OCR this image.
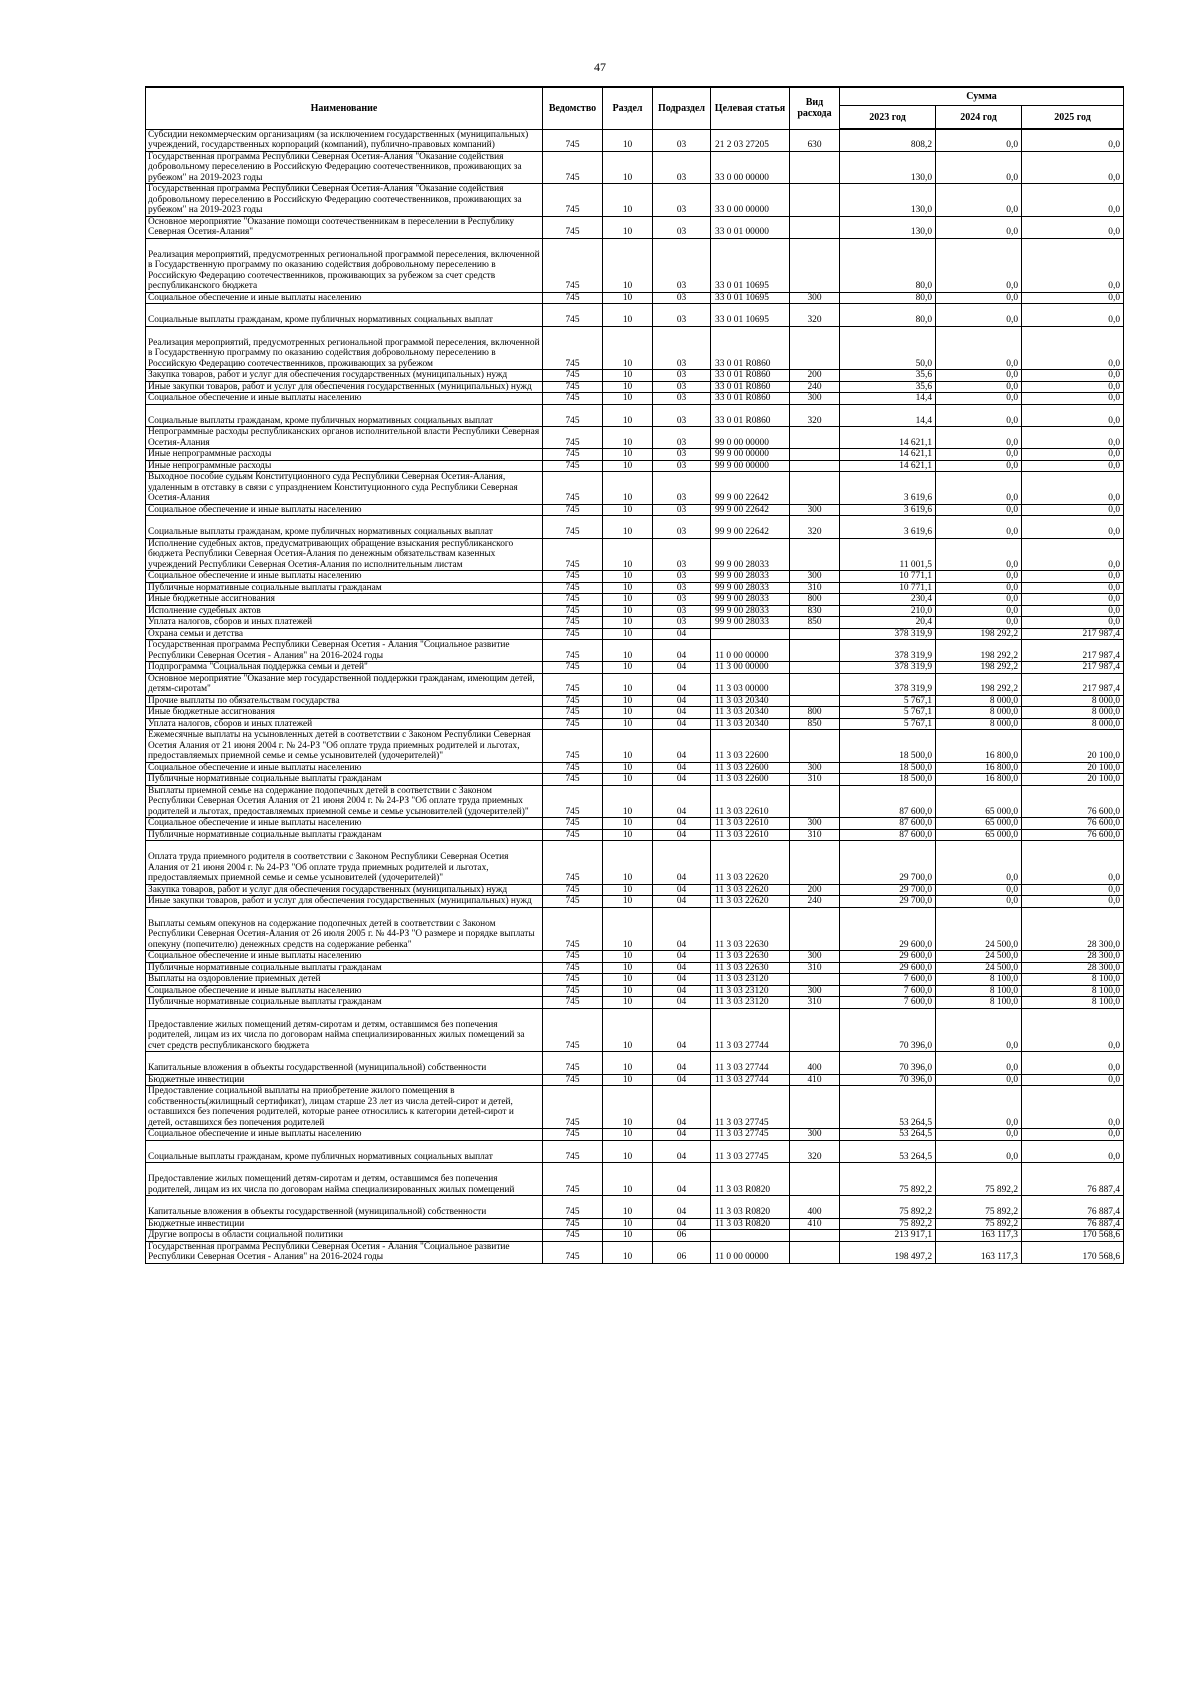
47
Наименование	Ведомство	Раздел	Подраздел	Целевая статья	Вид расхода	Сумма		
						2023 год	2024 год	2025 год
Субсидии некоммерческим организациям (за исключением государственных (муниципальных) учреждений, государственных корпораций (компаний), публично-правовых компаний)	745	10	03	21 2 03 27205	630	808,2	0,0	0,0
Государственная программа Республики Северная Осетия-Алания "Оказание содействия добровольному переселению в Российскую Федерацию соотечественников, проживающих за рубежом" на 2019-2023 годы	745	10	03	33 0 00 00000		130,0	0,0	0,0
Государственная программа Республики Северная Осетия-Алания "Оказание содействия добровольному переселению в Российскую Федерацию соотечественников, проживающих за рубежом" на 2019-2023 годы	745	10	03	33 0 00 00000		130,0	0,0	0,0
Основное мероприятие "Оказание помощи соотечественникам в переселении в Республику Северная Осетия-Алания"	745	10	03	33 0 01 00000		130,0	0,0	0,0
Реализация мероприятий, предусмотренных региональной программой переселения, включенной в Государственную программу по оказанию содействия добровольному переселению в Российскую Федерацию соотечественников, проживающих за рубежом за счет средств республиканского бюджета	745	10	03	33 0 01 10695		80,0	0,0	0,0
Социальное обеспечение и иные выплаты населению	745	10	03	33 0 01 10695	300	80,0	0,0	0,0
Социальные выплаты гражданам, кроме публичных нормативных социальных выплат	745	10	03	33 0 01 10695	320	80,0	0,0	0,0
Реализация мероприятий, предусмотренных региональной программой переселения, включенной в Государственную программу по оказанию содействия добровольному переселению в Российскую Федерацию соотечественников, проживающих за рубежом	745	10	03	33 0 01 R0860		50,0	0,0	0,0
Закупка товаров, работ и услуг для обеспечения государственных (муниципальных) нужд	745	10	03	33 0 01 R0860	200	35,6	0,0	0,0
Иные закупки товаров, работ и услуг для обеспечения государственных (муниципальных) нужд	745	10	03	33 0 01 R0860	240	35,6	0,0	0,0
Социальное обеспечение и иные выплаты населению	745	10	03	33 0 01 R0860	300	14,4	0,0	0,0
Социальные выплаты гражданам, кроме публичных нормативных социальных выплат	745	10	03	33 0 01 R0860	320	14,4	0,0	0,0
Непрограммные расходы республиканских органов исполнительной власти Республики Северная Осетия-Алания	745	10	03	99 0 00 00000		14 621,1	0,0	0,0
Иные непрограммные расходы	745	10	03	99 9 00 00000		14 621,1	0,0	0,0
Иные непрограммные расходы	745	10	03	99 9 00 00000		14 621,1	0,0	0,0
Выходное пособие судьям Конституционного суда Республики Северная Осетия-Алания, удаленным в отставку в связи с упразднением Конституционного суда Республики Северная Осетия-Алания	745	10	03	99 9 00 22642		3 619,6	0,0	0,0
Социальное обеспечение и иные выплаты населению	745	10	03	99 9 00 22642	300	3 619,6	0,0	0,0
Социальные выплаты гражданам, кроме публичных нормативных социальных выплат	745	10	03	99 9 00 22642	320	3 619,6	0,0	0,0
Исполнение судебных актов, предусматривающих обращение взыскания республиканского бюджета Республики Северная Осетия-Алания по денежным обязательствам казенных учреждений Республики Северная Осетия-Алания по исполнительным листам	745	10	03	99 9 00 28033		11 001,5	0,0	0,0
Социальное обеспечение и иные выплаты населению	745	10	03	99 9 00 28033	300	10 771,1	0,0	0,0
Публичные нормативные социальные выплаты гражданам	745	10	03	99 9 00 28033	310	10 771,1	0,0	0,0
Иные бюджетные ассигнования	745	10	03	99 9 00 28033	800	230,4	0,0	0,0
Исполнение судебных актов	745	10	03	99 9 00 28033	830	210,0	0,0	0,0
Уплата налогов, сборов и иных платежей	745	10	03	99 9 00 28033	850	20,4	0,0	0,0
Охрана семьи и детства	745	10	04			378 319,9	198 292,2	217 987,4
Государственная программа Республики Северная Осетия - Алания "Социальное развитие Республики Северная Осетия - Алания" на 2016-2024 годы	745	10	04	11 0 00 00000		378 319,9	198 292,2	217 987,4
Подпрограмма "Социальная поддержка семьи и детей"	745	10	04	11 3 00 00000		378 319,9	198 292,2	217 987,4
Основное мероприятие "Оказание мер государственной поддержки гражданам, имеющим детей, детям-сиротам"	745	10	04	11 3 03 00000		378 319,9	198 292,2	217 987,4
Прочие выплаты по обязательствам государства	745	10	04	11 3 03 20340		5 767,1	8 000,0	8 000,0
Иные бюджетные ассигнования	745	10	04	11 3 03 20340	800	5 767,1	8 000,0	8 000,0
Уплата налогов, сборов и иных платежей	745	10	04	11 3 03 20340	850	5 767,1	8 000,0	8 000,0
Ежемесячные выплаты на усыновленных детей в соответствии с Законом Республики Северная Осетия Алания от 21 июня 2004 г. № 24-РЗ "Об оплате труда приемных родителей и льготах, предоставляемых приемной семье и семье усыновителей (удочерителей)"	745	10	04	11 3 03 22600		18 500,0	16 800,0	20 100,0
Социальное обеспечение и иные выплаты населению	745	10	04	11 3 03 22600	300	18 500,0	16 800,0	20 100,0
Публичные нормативные социальные выплаты гражданам	745	10	04	11 3 03 22600	310	18 500,0	16 800,0	20 100,0
Выплаты приемной семье на содержание подопечных детей в соответствии с Законом Республики Северная Осетия Алания от 21 июня 2004 г. № 24-РЗ "Об оплате труда приемных родителей и льготах, предоставляемых приемной семье и семье усыновителей (удочерителей)"	745	10	04	11 3 03 22610		87 600,0	65 000,0	76 600,0
Социальное обеспечение и иные выплаты населению	745	10	04	11 3 03 22610	300	87 600,0	65 000,0	76 600,0
Публичные нормативные социальные выплаты гражданам	745	10	04	11 3 03 22610	310	87 600,0	65 000,0	76 600,0
Оплата труда приемного родителя в соответствии с Законом Республики Северная Осетия Алания от 21 июня 2004 г. № 24-РЗ "Об оплате труда приемных родителей и льготах, предоставляемых приемной семье и семье усыновителей (удочерителей)"	745	10	04	11 3 03 22620		29 700,0	0,0	0,0
Закупка товаров, работ и услуг для обеспечения государственных (муниципальных) нужд	745	10	04	11 3 03 22620	200	29 700,0	0,0	0,0
Иные закупки товаров, работ и услуг для обеспечения государственных (муниципальных) нужд	745	10	04	11 3 03 22620	240	29 700,0	0,0	0,0
Выплаты семьям опекунов на содержание подопечных детей в соответствии с Законом Республики Северная Осетия-Алания от 26 июля 2005 г. № 44-РЗ "О размере и порядке выплаты опекуну (попечителю) денежных средств на содержание ребенка"	745	10	04	11 3 03 22630		29 600,0	24 500,0	28 300,0
Социальное обеспечение и иные выплаты населению	745	10	04	11 3 03 22630	300	29 600,0	24 500,0	28 300,0
Публичные нормативные социальные выплаты гражданам	745	10	04	11 3 03 22630	310	29 600,0	24 500,0	28 300,0
Выплаты на оздоровление приемных детей	745	10	04	11 3 03 23120		7 600,0	8 100,0	8 100,0
Социальное обеспечение и иные выплаты населению	745	10	04	11 3 03 23120	300	7 600,0	8 100,0	8 100,0
Публичные нормативные социальные выплаты гражданам	745	10	04	11 3 03 23120	310	7 600,0	8 100,0	8 100,0
Предоставление жилых помещений детям-сиротам и детям, оставшимся без попечения родителей, лицам из их числа по договорам найма специализированных жилых помещений за счет средств республиканского бюджета	745	10	04	11 3 03 27744		70 396,0	0,0	0,0
Капитальные вложения в объекты государственной (муниципальной) собственности	745	10	04	11 3 03 27744	400	70 396,0	0,0	0,0
Бюджетные инвестиции	745	10	04	11 3 03 27744	410	70 396,0	0,0	0,0
Предоставление социальной выплаты на приобретение жилого помещения в собственность(жилищный сертификат), лицам старше 23 лет из числа детей-сирот и детей, оставшихся без попечения родителей, которые ранее относились к категории детей-сирот и детей, оставшихся без попечения родителей	745	10	04	11 3 03 27745		53 264,5	0,0	0,0
Социальное обеспечение и иные выплаты населению	745	10	04	11 3 03 27745	300	53 264,5	0,0	0,0
Социальные выплаты гражданам, кроме публичных нормативных социальных выплат	745	10	04	11 3 03 27745	320	53 264,5	0,0	0,0
Предоставление жилых помещений детям-сиротам и детям, оставшимся без попечения родителей, лицам из их числа по договорам найма специализированных жилых помещений	745	10	04	11 3 03 R0820		75 892,2	75 892,2	76 887,4
Капитальные вложения в объекты государственной (муниципальной) собственности	745	10	04	11 3 03 R0820	400	75 892,2	75 892,2	76 887,4
Бюджетные инвестиции	745	10	04	11 3 03 R0820	410	75 892,2	75 892,2	76 887,4
Другие вопросы в области социальной политики	745	10	06			213 917,1	163 117,3	170 568,6
Государственная программа Республики Северная Осетия - Алания "Социальное развитие Республики Северная Осетия - Алания" на 2016-2024 годы	745	10	06	11 0 00 00000		198 497,2	163 117,3	170 568,6
